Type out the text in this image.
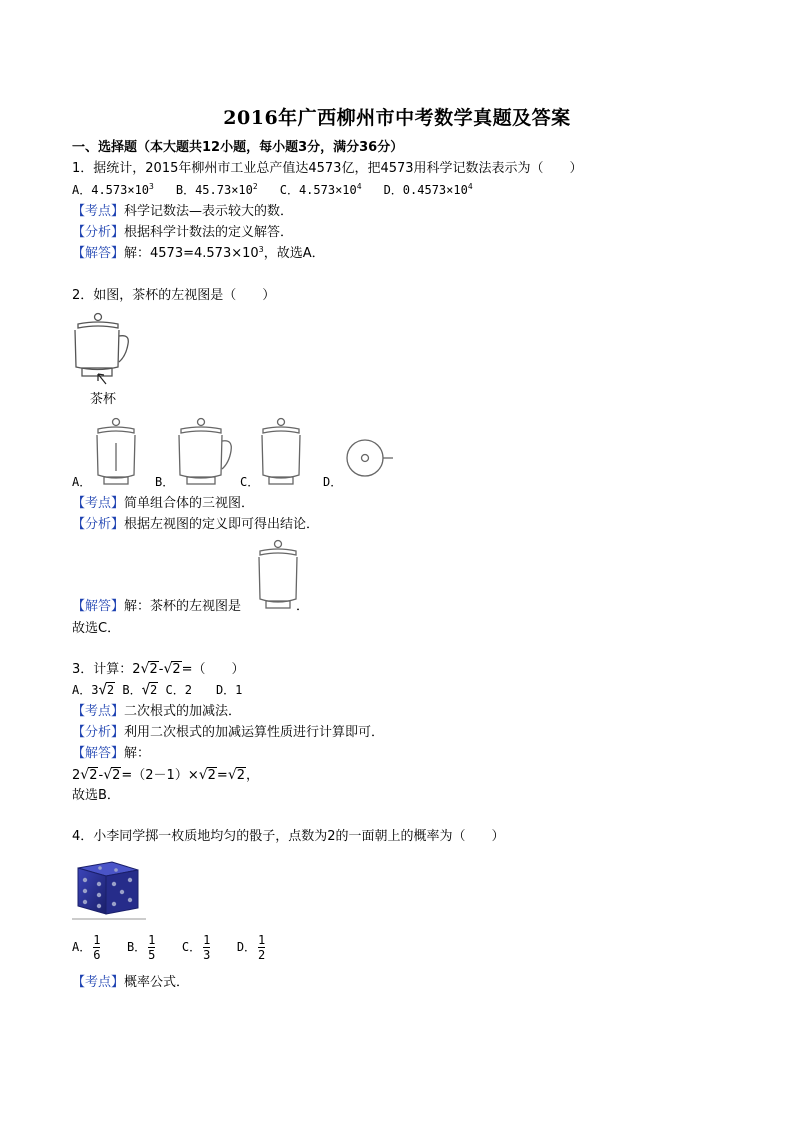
2016年广西柳州市中考数学真题及答案
一、选择题（本大题共12小题，每小题3分，满分36分）
1．据统计，2015年柳州市工业总产值达4573亿，把4573用科学记数法表示为（　　）
A．$4.573\times 10^3$ B．$45.73\times 10^2$ C．$4.573\times 10^4$ D．$0.4573\times 10^4$
【考点】科学记数法—表示较大的数．
【分析】根据科学计数法的定义解答．
【解答】解：$4573=4.573\times 10^3$，故选A．
2．如图，茶杯的左视图是（　　）
茶杯
A．	B．	C．	D．
【考点】简单组合体的三视图．
【分析】根据左视图的定义即可得出结论．
【解答】解：茶杯的左视图是	．
故选C．
3．计算：2√2-√2=（　　）
A．3√2 B．√2 C．2　　D．1
【考点】二次根式的加减法．
【分析】利用二次根式的加减运算性质进行计算即可．
【解答】解：
2√2-√2=（2－1）×√2=√2，
故选B．
4．小李同学掷一枚质地均匀的骰子，点数为2的一面朝上的概率为（　　）
A． $\frac{1}{6}$ B． $\frac{1}{5}$ C． $\frac{1}{3}$ D． $\frac{1}{2}$
【考点】概率公式．
